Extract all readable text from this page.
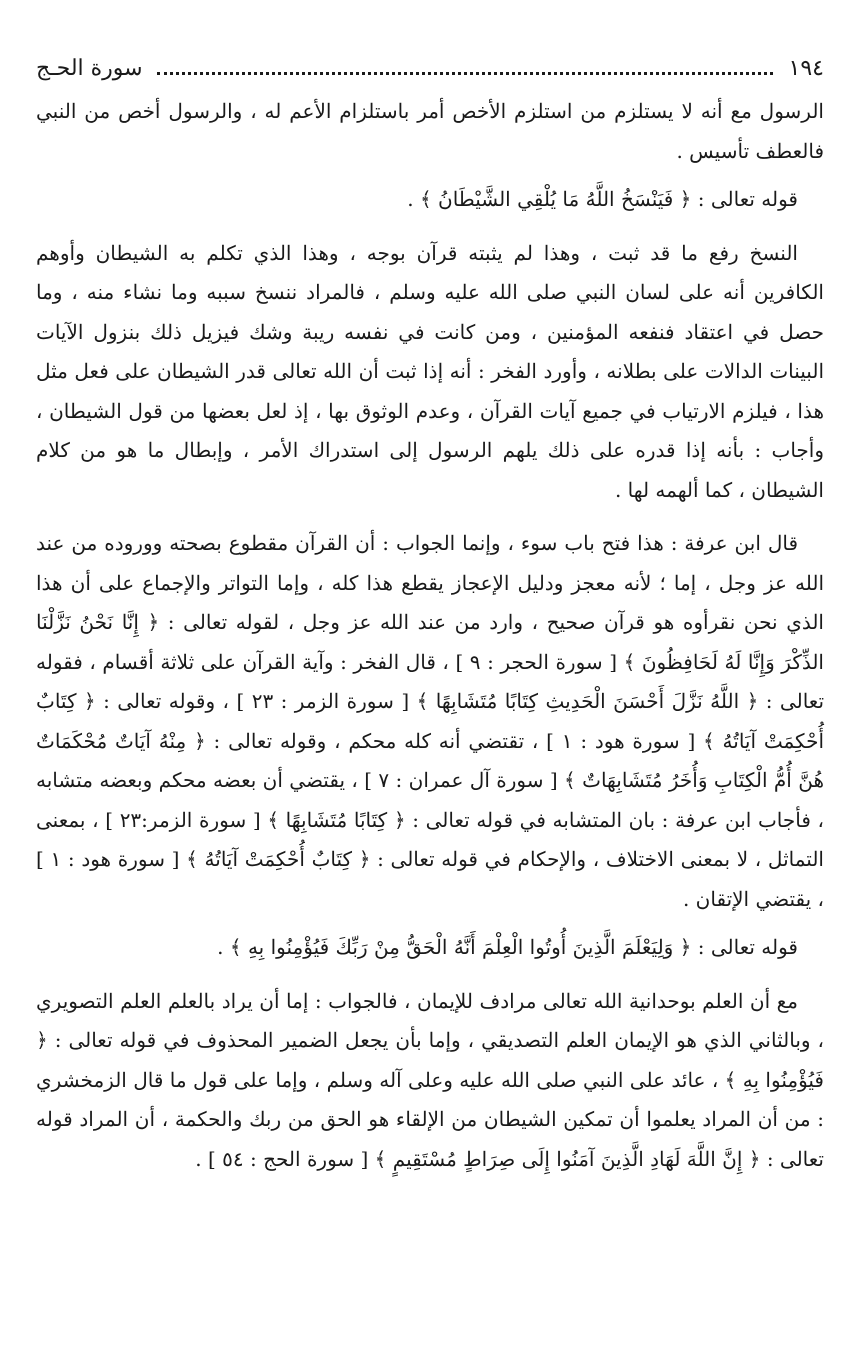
١٩٤
سورة الحـج

الرسول مع أنه لا يستلزم من استلزم الأخص أمر باستلزام الأعم له ، والرسول أخص من النبي فالعطف تأسيس .

قوله تعالى : ﴿ فَيَنْسَخُ اللَّهُ مَا يُلْقِي الشَّيْطَانُ ﴾ .

النسخ رفع ما قد ثبت ، وهذا لم يثبته قرآن بوجه ، وهذا الذي تكلم به الشيطان وأوهم الكافرين أنه على لسان النبي صلى الله عليه وسلم ، فالمراد ننسخ سببه وما نشاء منه ، وما حصل في اعتقاد فنفعه المؤمنين ، ومن كانت في نفسه ريبة وشك فيزيل ذلك بنزول الآيات البينات الدالات على بطلانه ، وأورد الفخر : أنه إذا ثبت أن الله تعالى قدر الشيطان على فعل مثل هذا ، فيلزم الارتياب في جميع آيات القرآن ، وعدم الوثوق بها ، إذ لعل بعضها من قول الشيطان ، وأجاب : بأنه إذا قدره على ذلك يلهم الرسول إلى استدراك الأمر ، وإبطال ما هو من كلام الشيطان ، كما ألهمه لها .

قال ابن عرفة : هذا فتح باب سوء ، وإنما الجواب : أن القرآن مقطوع بصحته ووروده من عند الله عز وجل ، إما ؛ لأنه معجز ودليل الإعجاز يقطع هذا كله ، وإما التواتر والإجماع على أن هذا الذي نحن نقرأوه هو قرآن صحيح ، وارد من عند الله عز وجل ، لقوله تعالى : ﴿ إِنَّا نَحْنُ نَزَّلْنَا الذِّكْرَ وَإِنَّا لَهُ لَحَافِظُونَ ﴾ [ سورة الحجر : ٩ ] ، قال الفخر : وآية القرآن على ثلاثة أقسام ، فقوله تعالى : ﴿ اللَّهُ نَزَّلَ أَحْسَنَ الْحَدِيثِ كِتَابًا مُتَشَابِهًا ﴾ [ سورة الزمر : ٢٣ ] ، وقوله تعالى : ﴿ كِتَابٌ أُحْكِمَتْ آيَاتُهُ ﴾ [ سورة هود : ١ ] ، تقتضي أنه كله محكم ، وقوله تعالى : ﴿ مِنْهُ آيَاتٌ مُحْكَمَاتٌ هُنَّ أُمُّ الْكِتَابِ وَأُخَرُ مُتَشَابِهَاتٌ ﴾ [ سورة آل عمران : ٧ ] ، يقتضي أن بعضه محكم وبعضه متشابه ، فأجاب ابن عرفة : بان المتشابه في قوله تعالى : ﴿ كِتَابًا مُتَشَابِهًا ﴾ [ سورة الزمر:٢٣ ] ، بمعنى التماثل ، لا بمعنى الاختلاف ، والإحكام في قوله تعالى : ﴿ كِتَابٌ أُحْكِمَتْ آيَاتُهُ ﴾ [ سورة هود : ١ ] ، يقتضي الإتقان .

قوله تعالى : ﴿ وَلِيَعْلَمَ الَّذِينَ أُوتُوا الْعِلْمَ أَنَّهُ الْحَقُّ مِنْ رَبِّكَ فَيُؤْمِنُوا بِهِ ﴾ .

مع أن العلم بوحدانية الله تعالى مرادف للإيمان ، فالجواب : إما أن يراد بالعلم العلم التصويري ، وبالثاني الذي هو الإيمان العلم التصديقي ، وإما بأن يجعل الضمير المحذوف في قوله تعالى : ﴿ فَيُؤْمِنُوا بِهِ ﴾ ، عائد على النبي صلى الله عليه وعلى آله وسلم ، وإما على قول ما قال الزمخشري : من أن المراد يعلموا أن تمكين الشيطان من الإلقاء هو الحق من ربك والحكمة ، أن المراد قوله تعالى : ﴿ إِنَّ اللَّهَ لَهَادِ الَّذِينَ آمَنُوا إِلَى صِرَاطٍ مُسْتَقِيمٍ ﴾ [ سورة الحج : ٥٤ ] .
